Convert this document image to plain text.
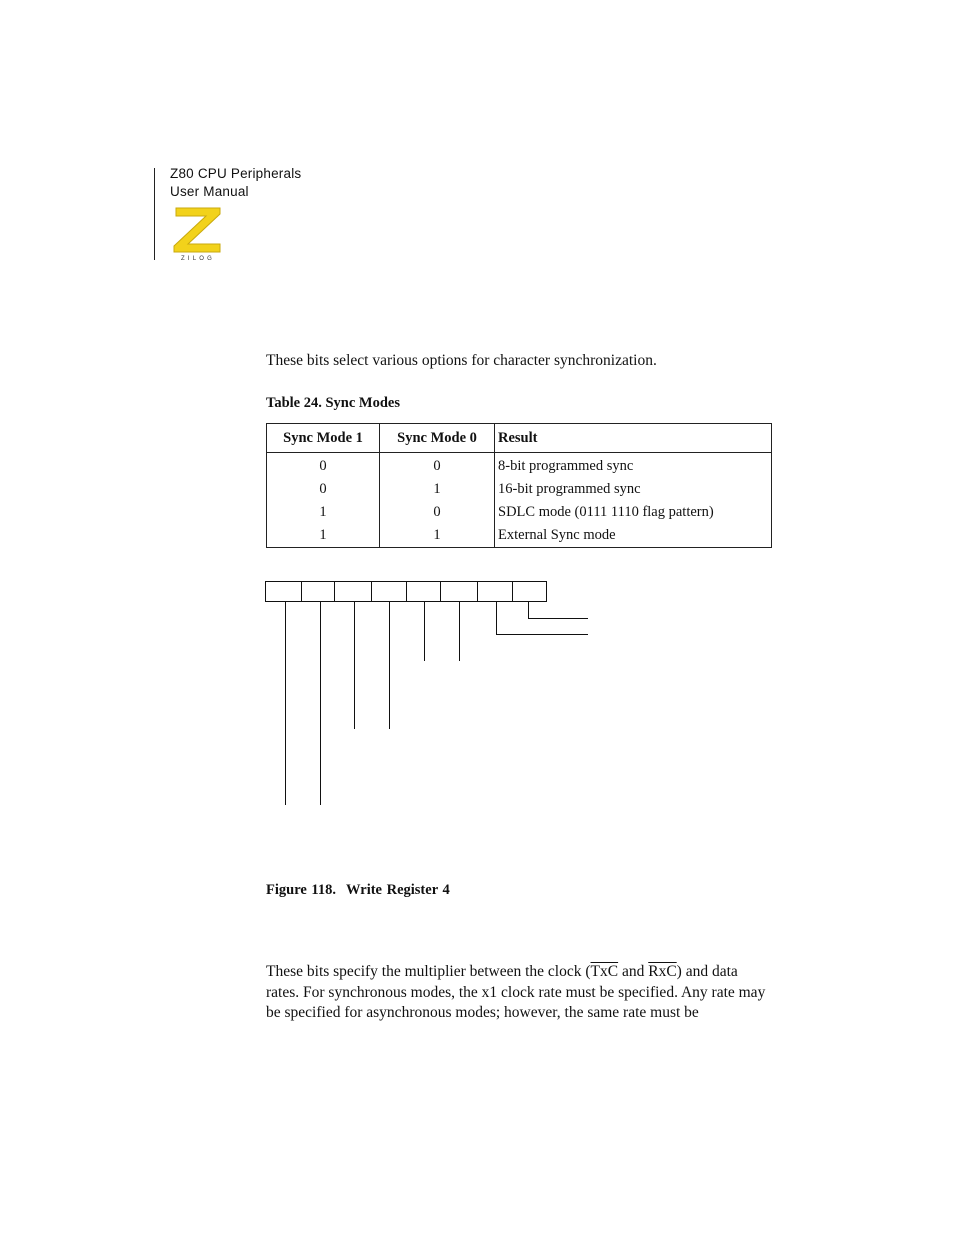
Z80 CPU Peripherals
User Manual
ZILOG
These bits select various options for character synchronization.
Table 24. Sync Modes
Sync Mode 1	Sync Mode 0	Result
0	0	8-bit programmed sync
0	1	16-bit programmed sync
1	0	SDLC mode (0111 1110 flag pattern)
1	1	External Sync mode
Figure 118. Write Register 4
These bits specify the multiplier between the clock ($\overline{TxC}$ and $\overline{RxC}$) and data rates. For synchronous modes, the x1 clock rate must be specified. Any rate may be specified for asynchronous modes; however, the same rate must be
